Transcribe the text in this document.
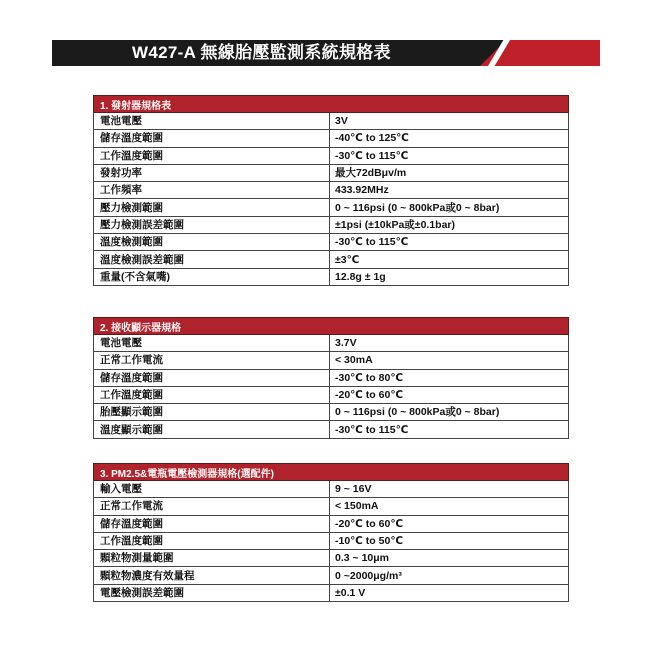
W427-A 無線胎壓監測系統規格表
1. 發射器規格表	
電池電壓	3V
儲存溫度範圍	-40℃ to 125℃
工作溫度範圍	-30℃ to 115℃
發射功率	最大72dBμv/m
工作頻率	433.92MHz
壓力檢測範圍	0 ~ 116psi (0 ~ 800kPa或0 ~ 8bar)
壓力檢測誤差範圍	±1psi (±10kPa或±0.1bar)
溫度檢測範圍	-30℃ to 115℃
溫度檢測誤差範圍	±3℃
重量(不含氣嘴)	12.8g ± 1g
2. 接收顯示器規格	
電池電壓	3.7V
正常工作電流	< 30mA
儲存溫度範圍	-30℃ to 80℃
工作溫度範圍	-20℃ to 60℃
胎壓顯示範圍	0 ~ 116psi (0 ~ 800kPa或0 ~ 8bar)
溫度顯示範圍	-30℃ to 115℃
3. PM2.5&電瓶電壓檢測器規格(選配件)	
輸入電壓	9 ~ 16V
正常工作電流	< 150mA
儲存溫度範圍	-20℃ to 60℃
工作溫度範圍	-10℃ to 50℃
顆粒物測量範圍	0.3 ~ 10μm
顆粒物濃度有效量程	0 ~2000μg/m³
電壓檢測誤差範圍	±0.1 V
